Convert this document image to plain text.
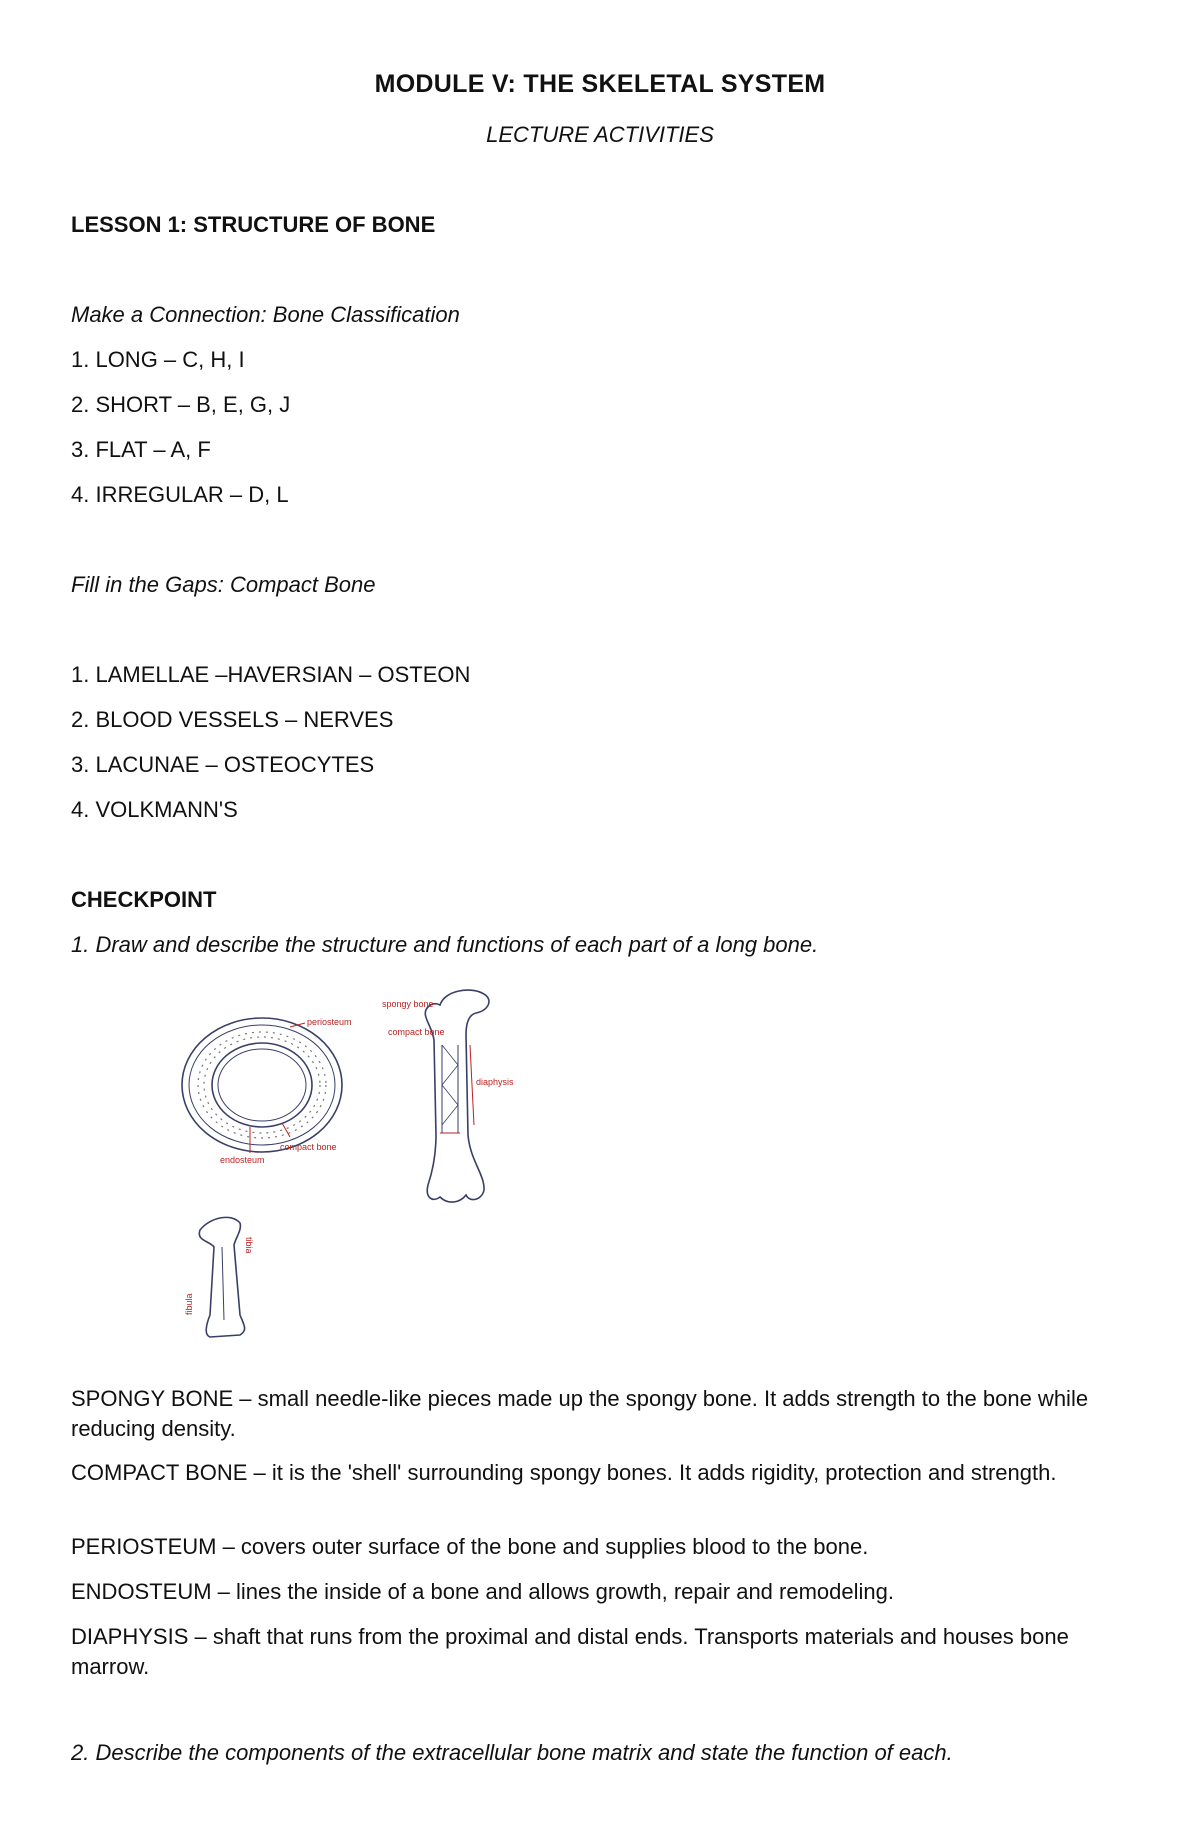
MODULE V: THE SKELETAL SYSTEM
LECTURE ACTIVITIES
LESSON 1: STRUCTURE OF BONE
Make a Connection: Bone Classification
1. LONG – C, H, I
2. SHORT – B, E, G, J
3. FLAT – A, F
4. IRREGULAR – D, L
Fill in the Gaps: Compact Bone
1. LAMELLAE –HAVERSIAN – OSTEON
2. BLOOD VESSELS – NERVES
3. LACUNAE – OSTEOCYTES
4. VOLKMANN'S
CHECKPOINT
1. Draw and describe the structure and functions of each part of a long bone.
periosteum
endosteum
compact bone
spongy bone
compact bone
diaphysis
tibia
fibula
SPONGY BONE – small needle-like pieces made up the spongy bone. It adds strength to the bone while reducing density.
COMPACT BONE – it is the 'shell' surrounding spongy bones. It adds rigidity, protection and strength.
PERIOSTEUM – covers outer surface of the bone and supplies blood to the bone.
ENDOSTEUM – lines the inside of a bone and allows growth, repair and remodeling.
DIAPHYSIS – shaft that runs from the proximal and distal ends. Transports materials and houses bone marrow.
2. Describe the components of the extracellular bone matrix and state the function of each.
